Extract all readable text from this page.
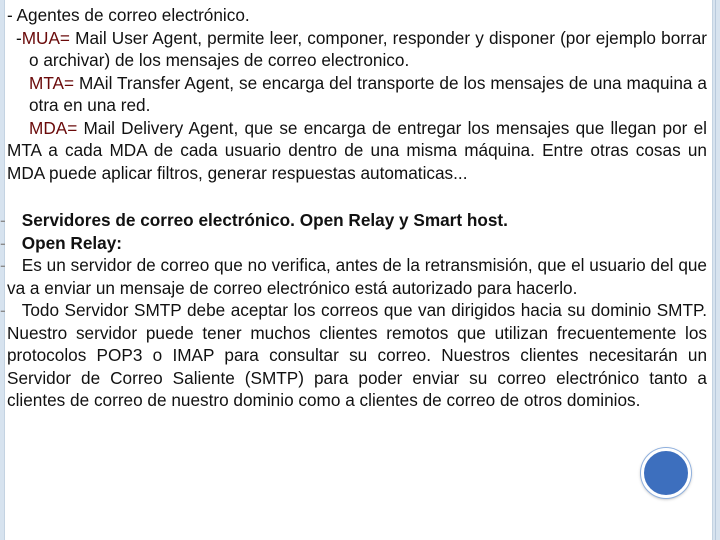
- Agentes de correo electrónico.

-MUA= Mail User Agent, permite leer, componer, responder y disponer (por ejemplo borrar o archivar) de los mensajes de correo electronico.

MTA= MAil Transfer Agent, se encarga del transporte de los mensajes de una maquina a otra en una red.

MDA= Mail Delivery Agent, que se encarga de entregar los mensajes que llegan por el MTA a cada MDA de cada usuario dentro de una misma máquina. Entre otras cosas un MDA puede aplicar filtros, generar respuestas automaticas...

- Servidores de correo electrónico. Open Relay y Smart host.

- Open Relay:

- Es un servidor de correo que no verifica, antes de la retransmisión, que el usuario del que va a enviar un mensaje de correo electrónico está autorizado para hacerlo.

- Todo Servidor SMTP debe aceptar los correos que van dirigidos hacia su dominio SMTP. Nuestro servidor puede tener muchos clientes remotos que utilizan frecuentemente los protocolos POP3 o IMAP para consultar su correo. Nuestros clientes necesitarán un Servidor de Correo Saliente (SMTP) para poder enviar su correo electrónico tanto a clientes de correo de nuestro dominio como a clientes de correo de otros dominios.
